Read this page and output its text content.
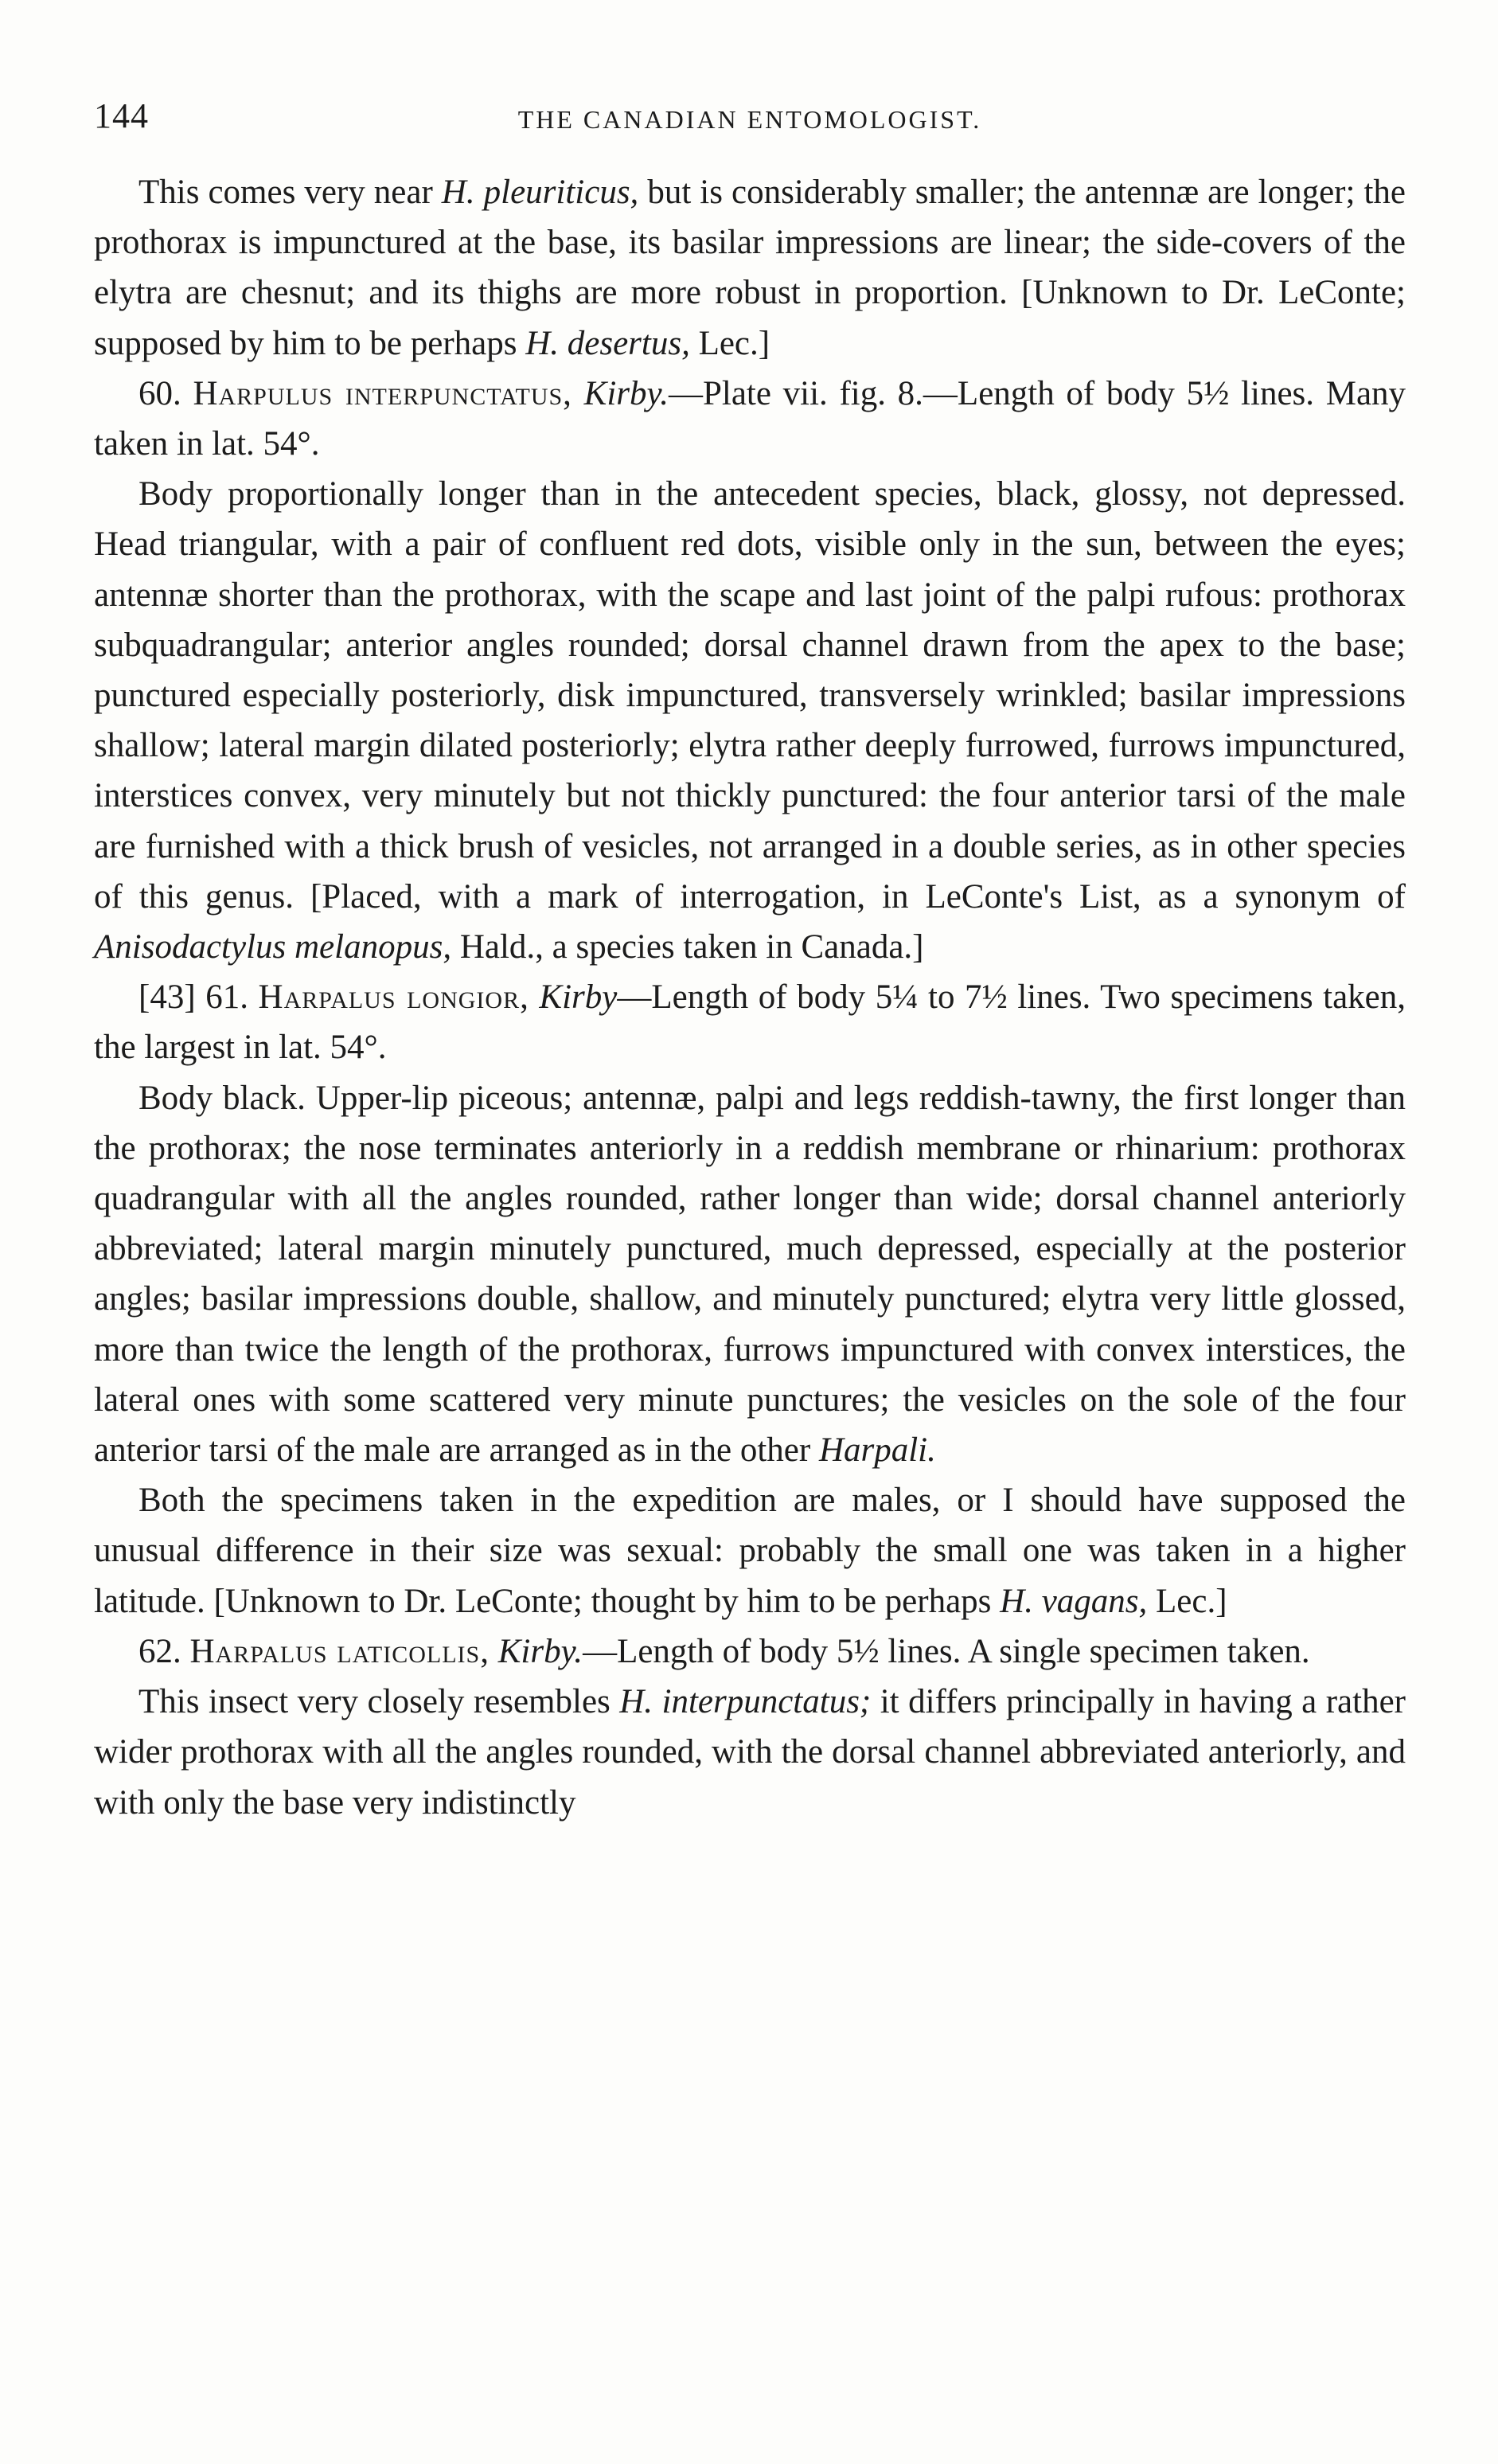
144	THE CANADIAN ENTOMOLOGIST.

This comes very near H. pleuriticus, but is considerably smaller; the antennæ are longer; the prothorax is impunctured at the base, its basilar impressions are linear; the side-covers of the elytra are chesnut; and its thighs are more robust in proportion. [Unknown to Dr. LeConte; supposed by him to be perhaps H. desertus, Lec.]

60. Harpulus interpunctatus, Kirby.—Plate vii. fig. 8.—Length of body 5½ lines. Many taken in lat. 54°.

Body proportionally longer than in the antecedent species, black, glossy, not depressed. Head triangular, with a pair of confluent red dots, visible only in the sun, between the eyes; antennæ shorter than the prothorax, with the scape and last joint of the palpi rufous: prothorax subquadrangular; anterior angles rounded; dorsal channel drawn from the apex to the base; punctured especially posteriorly, disk impunctured, transversely wrinkled; basilar impressions shallow; lateral margin dilated posteriorly; elytra rather deeply furrowed, furrows impunctured, interstices convex, very minutely but not thickly punctured: the four anterior tarsi of the male are furnished with a thick brush of vesicles, not arranged in a double series, as in other species of this genus. [Placed, with a mark of interrogation, in LeConte's List, as a synonym of Anisodactylus melanopus, Hald., a species taken in Canada.]

[43] 61. Harpalus longior, Kirby—Length of body 5¼ to 7½ lines. Two specimens taken, the largest in lat. 54°.

Body black. Upper-lip piceous; antennæ, palpi and legs reddish-tawny, the first longer than the prothorax; the nose terminates anteriorly in a reddish membrane or rhinarium: prothorax quadrangular with all the angles rounded, rather longer than wide; dorsal channel anteriorly abbreviated; lateral margin minutely punctured, much depressed, especially at the posterior angles; basilar impressions double, shallow, and minutely punctured; elytra very little glossed, more than twice the length of the prothorax, furrows impunctured with convex interstices, the lateral ones with some scattered very minute punctures; the vesicles on the sole of the four anterior tarsi of the male are arranged as in the other Harpali.

Both the specimens taken in the expedition are males, or I should have supposed the unusual difference in their size was sexual: probably the small one was taken in a higher latitude. [Unknown to Dr. LeConte; thought by him to be perhaps H. vagans, Lec.]

62. Harpalus laticollis, Kirby.—Length of body 5½ lines. A single specimen taken.

This insect very closely resembles H. interpunctatus; it differs principally in having a rather wider prothorax with all the angles rounded, with the dorsal channel abbreviated anteriorly, and with only the base very indistinctly
